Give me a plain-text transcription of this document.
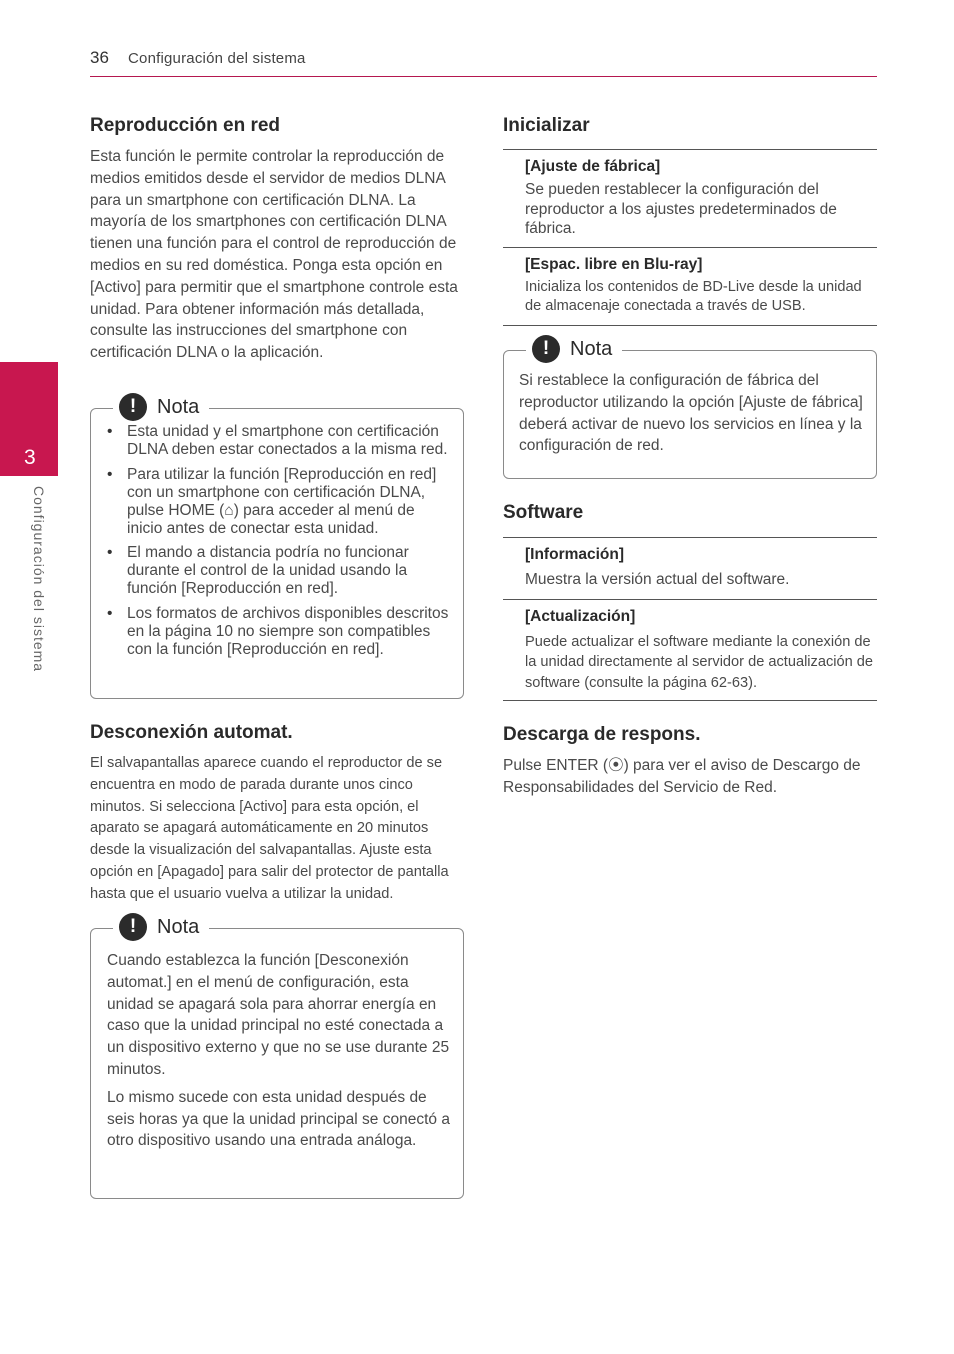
36 Configuración del sistema
3
Configuración del sistema
Reproducción en red

Esta función le permite controlar la reproducción de medios emitidos desde el servidor de medios DLNA para un smartphone con certificación DLNA. La mayoría de los smartphones con certificación DLNA tienen una función para el control de reproducción de medios en su red doméstica. Ponga esta opción en [Activo] para permitir que el smartphone controle esta unidad. Para obtener información más detallada, consulte las instrucciones del smartphone con certificación DLNA o la aplicación.

!	Nota
• Esta unidad y el smartphone con certificación DLNA deben estar conectados a la misma red.
• Para utilizar la función [Reproducción en red] con un smartphone con certificación DLNA, pulse HOME (⌂) para acceder al menú de inicio antes de conectar esta unidad.
• El mando a distancia podría no funcionar durante el control de la unidad usando la función [Reproducción en red].
• Los formatos de archivos disponibles descritos en la página 10 no siempre son compatibles con la función [Reproducción en red].
Desconexión automat.

El salvapantallas aparece cuando el reproductor de se encuentra en modo de parada durante unos cinco minutos. Si selecciona [Activo] para esta opción, el aparato se apagará automáticamente en 20 minutos desde la visualización del salvapantallas. Ajuste esta opción en [Apagado] para salir del protector de pantalla hasta que el usuario vuelva a utilizar la unidad.

!	Nota

Cuando establezca la función [Desconexión automat.] en el menú de configuración, esta unidad se apagará sola para ahorrar energía en caso que la unidad principal no esté conectada a un dispositivo externo y que no se use durante 25 minutos.

Lo mismo sucede con esta unidad después de seis horas ya que la unidad principal se conectó a otro dispositivo usando una entrada análoga.

Inicializar
[Ajuste de fábrica]
Se pueden restablecer la configuración del reproductor a los ajustes predeterminados de fábrica.
[Espac. libre en Blu-ray]
Inicializa los contenidos de BD-Live desde la unidad de almacenaje conectada a través de USB.
!	Nota

Si restablece la configuración de fábrica del reproductor utilizando la opción [Ajuste de fábrica] deberá activar de nuevo los servicios en línea y la configuración de red.

Software
[Información]
Muestra la versión actual del software.
[Actualización]
Puede actualizar el software mediante la conexión de la unidad directamente al servidor de actualización de software (consulte la página 62-63).
Descarga de respons.

Pulse ENTER (⦿) para ver el aviso de Descargo de Responsabilidades del Servicio de Red.
